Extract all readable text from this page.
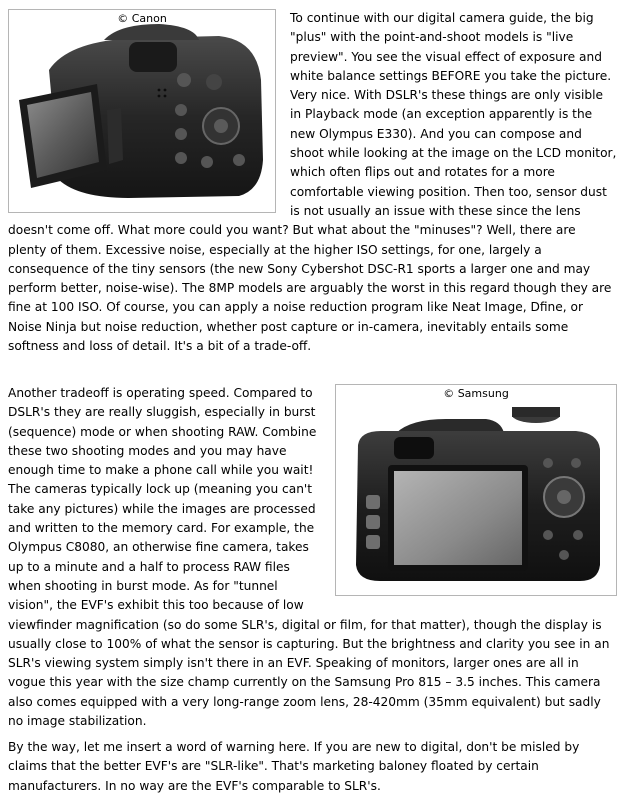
© Canon	To continue with our digital camera guide, the big "plus" with the point-and-shoot models is "live preview". You see the visual effect of exposure and white balance settings BEFORE you take the picture. Very nice. With DSLR's these things are only visible in Playback mode (an exception apparently is the new Olympus E330). And you can compose and shoot while looking at the image on the LCD monitor, which often flips out and rotates for a more comfortable viewing position. Then too, sensor dust is not usually an issue with these since the lens doesn't come off. What more could you want? But what about the "minuses"? Well, there are plenty of them. Excessive noise, especially at the higher ISO settings, for one, largely a consequence of the tiny sensors (the new Sony Cybershot DSC-R1 sports a larger one and may perform better, noise-wise). The 8MP models are arguably the worst in this regard though they are fine at 100 ISO. Of course, you can apply a noise reduction program like Neat Image, Dfine, or Noise Ninja but noise reduction, whether post capture or in-camera, inevitably entails some softness and loss of detail. It's a bit of a trade-off.

© Samsung

Another tradeoff is operating speed. Compared to DSLR's they are really sluggish, especially in burst (sequence) mode or when shooting RAW. Combine these two shooting modes and you may have enough time to make a phone call while you wait! The cameras typically lock up (meaning you can't take any pictures) while the images are processed and written to the memory card. For example, the Olympus C8080, an otherwise fine camera, takes up to a minute and a half to process RAW files when shooting in burst mode. As for "tunnel vision", the EVF's exhibit this too because of low viewfinder magnification (so do some SLR's, digital or film, for that matter), though the display is usually close to 100% of what the sensor is capturing. But the brightness and clarity you see in an SLR's viewing system simply isn't there in an EVF. Speaking of monitors, larger ones are all in vogue this year with the size champ currently on the Samsung Pro 815 – 3.5 inches. This camera also comes equipped with a very long-range zoom lens, 28-420mm (35mm equivalent) but sadly no image stabilization.

By the way, let me insert a word of warning here. If you are new to digital, don't be misled by claims that the better EVF's are "SLR-like". That's marketing baloney floated by certain manufacturers. In no way are the EVF's comparable to SLR's.
